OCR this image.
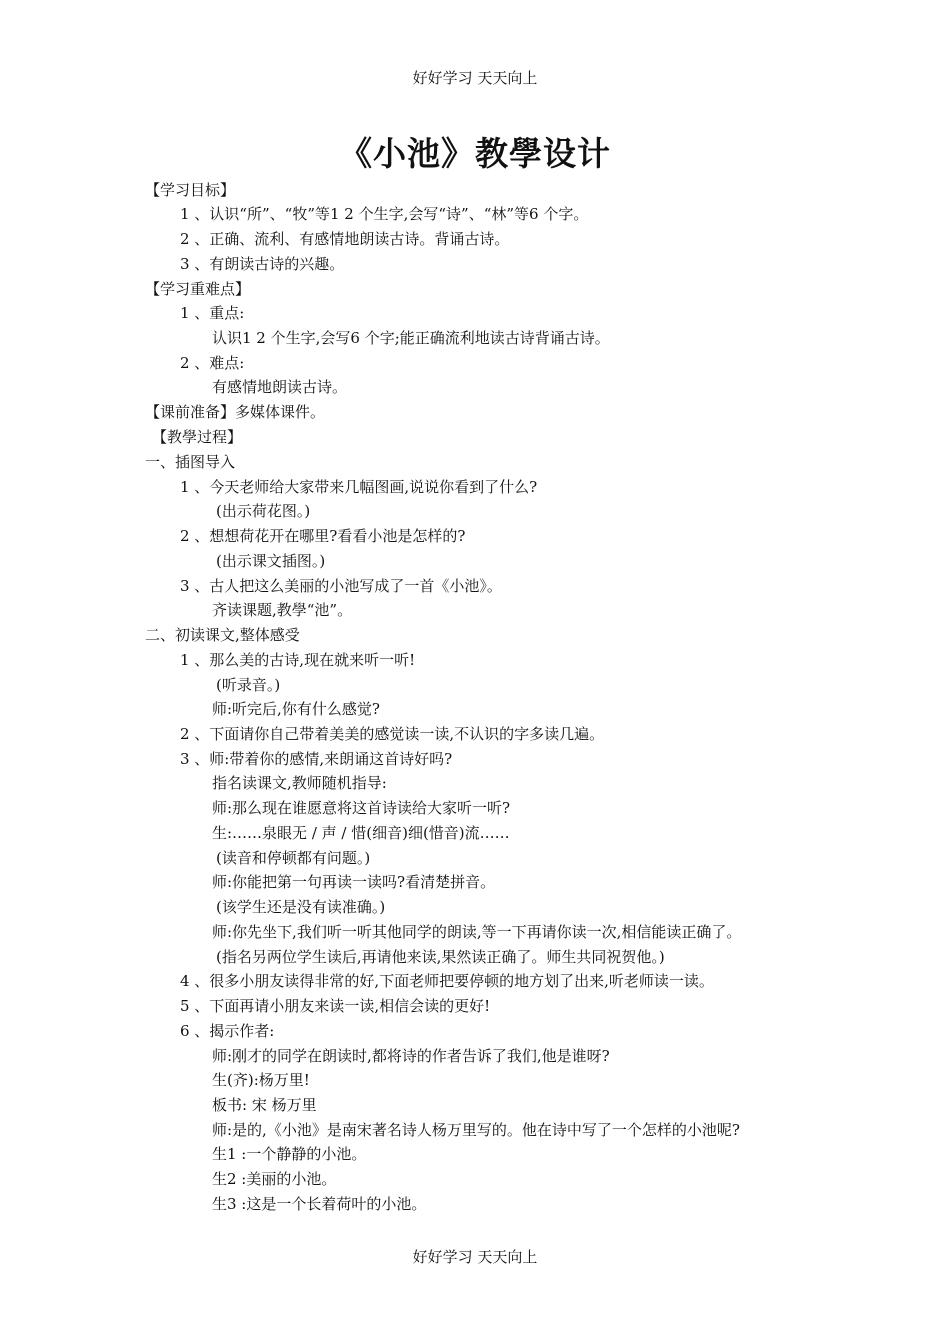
好好学习 天天向上
《小池》教學设计
【学习目标】
1 、认识“所”、“牧”等1 2 个生字,会写“诗”、“林”等6 个字。
2 、正确、流利、有感情地朗读古诗。背诵古诗。
3 、有朗读古诗的兴趣。
【学习重难点】
1 、重点:
认识1 2 个生字,会写6 个字;能正确流利地读古诗背诵古诗。
2 、难点:
有感情地朗读古诗。
【课前准备】多媒体课件。
【教學过程】
一、插图导入
1 、今天老师给大家带来几幅图画,说说你看到了什么?
(出示荷花图。)
2 、想想荷花开在哪里?看看小池是怎样的?
(出示课文插图。)
3 、古人把这么美丽的小池写成了一首《小池》。
齐读课题,教學“池”。
二、初读课文,整体感受
1 、那么美的古诗,现在就来听一听!
(听录音。)
师:听完后,你有什么感觉?
2 、下面请你自己带着美美的感觉读一读,不认识的字多读几遍。
3 、师:带着你的感情,来朗诵这首诗好吗?
指名读课文,教师随机指导:
师:那么现在谁愿意将这首诗读给大家听一听?
生:……泉眼无 / 声 / 惜(细音)细(惜音)流……
(读音和停顿都有问题。)
师:你能把第一句再读一读吗?看清楚拼音。
(该学生还是没有读准确。)
师:你先坐下,我们听一听其他同学的朗读,等一下再请你读一次,相信能读正确了。
(指名另两位学生读后,再请他来读,果然读正确了。师生共同祝贺他。)
4 、很多小朋友读得非常的好,下面老师把要停顿的地方划了出来,听老师读一读。
5 、下面再请小朋友来读一读,相信会读的更好!
6 、揭示作者:
师:刚才的同学在朗读时,都将诗的作者告诉了我们,他是谁呀?
生(齐):杨万里!
板书: 宋 杨万里
师:是的,《小池》是南宋著名诗人杨万里写的。他在诗中写了一个怎样的小池呢?
生1 :一个静静的小池。
生2 :美丽的小池。
生3 :这是一个长着荷叶的小池。
好好学习 天天向上
